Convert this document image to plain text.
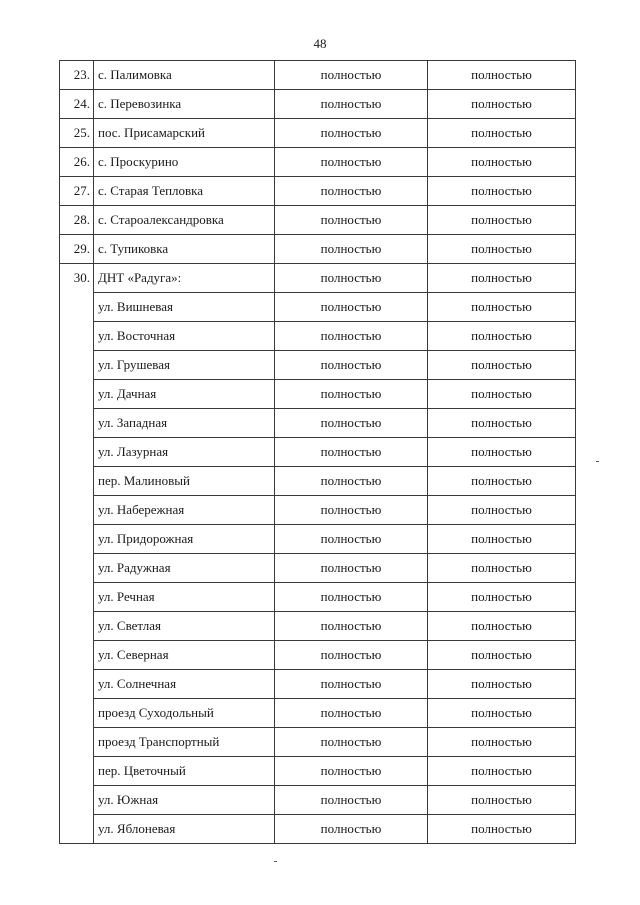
48
23.	с. Палимовка	полностью	полностью
24.	с. Перевозинка	полностью	полностью
25.	пос. Присамарский	полностью	полностью
26.	с. Проскурино	полностью	полностью
27.	с. Старая Тепловка	полностью	полностью
28.	с. Староалександровка	полностью	полностью
29.	с. Тупиковка	полностью	полностью
30.	ДНТ «Радуга»:	полностью	полностью
	ул. Вишневая	полностью	полностью
	ул. Восточная	полностью	полностью
	ул. Грушевая	полностью	полностью
	ул. Дачная	полностью	полностью
	ул. Западная	полностью	полностью
	ул. Лазурная	полностью	полностью
	пер. Малиновый	полностью	полностью
	ул. Набережная	полностью	полностью
	ул. Придорожная	полностью	полностью
	ул. Радужная	полностью	полностью
	ул. Речная	полностью	полностью
	ул. Светлая	полностью	полностью
	ул. Северная	полностью	полностью
	ул. Солнечная	полностью	полностью
	проезд Суходольный	полностью	полностью
	проезд Транспортный	полностью	полностью
	пер. Цветочный	полностью	полностью
	ул. Южная	полностью	полностью
	ул. Яблоневая	полностью	полностью
